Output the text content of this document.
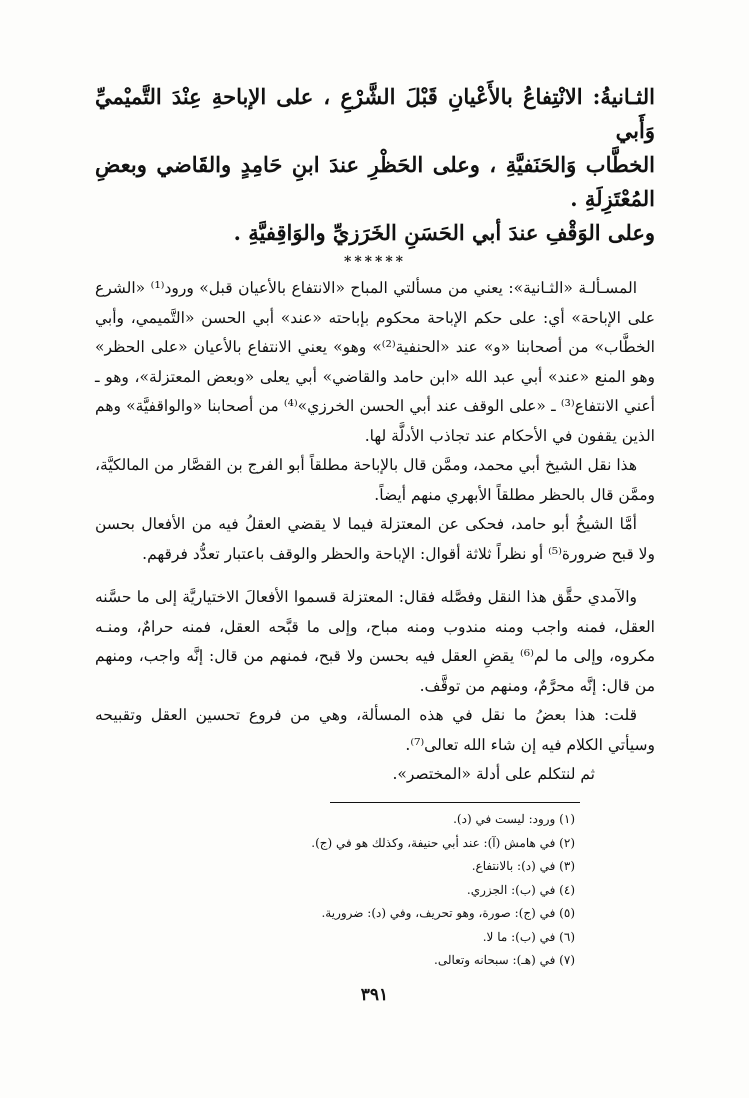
الثـانيةُ: الانْتِفاعُ بالأَعْيانِ قَبْلَ الشَّرْعِ ، على الإباحةِ عِنْدَ التَّميْميِّ وَأَبي

الخطَّاب وَالحَنَفيَّةِ ، وعلى الحَظْرِ عندَ ابنِ حَامِدٍ والقَاضي وبعضِ المُعْتَزِلَةِ .

وعلى الوَقْفِ عندَ أبي الحَسَنِ الخَرَزيِّ والوَاقِفيَّةِ .

******

المسـألـة «الثـانية»: يعني من مسألتي المباح «الانتفاع بالأعيان قبل» ورود⁽¹⁾ «الشرع على الإباحة» أي: على حكم الإباحة محكوم بإباحته «عند» أبي الحسن «التَّميمي، وأبي الخطَّاب» من أصحابنا «و» عند «الحنفية⁽²⁾» وهو» يعني الانتفاع بالأعيان «على الحظر» وهو المنع «عند» أبي عبد الله «ابن حامد والقاضي» أبي يعلى «وبعض المعتزلة»، وهو ـ أعني الانتفاع⁽³⁾ ـ «على الوقف عند أبي الحسن الخرزي»⁽⁴⁾ من أصحابنا «والواقفيَّة» وهم الذين يقفون في الأحكام عند تجاذب الأدلَّة لها.

هذا نقل الشيخ أبي محمد، وممَّن قال بالإباحة مطلقاً أبو الفرج بن القصَّار من المالكيَّة، وممَّن قال بالحظر مطلقاً الأبهري منهم أيضاً.

أمَّا الشيخُ أبو حامد، فحكى عن المعتزلة فيما لا يقضي العقلُ فيه من الأفعال بحسن ولا قبح ضرورة⁽⁵⁾ أو نظراً ثلاثة أقوال: الإباحة والحظر والوقف باعتبار تعدُّد فرقهم.

والآمدي حقَّق هذا النقل وفصَّله فقال: المعتزلة قسموا الأفعالَ الاختياريَّة إلى ما حسَّنه العقل، فمنه واجب ومنه مندوب ومنه مباح، وإلى ما قبَّحه العقل، فمنه حرامٌ، ومنـه مكروه، وإلى ما لم⁽⁶⁾ يقضِ العقل فيه بحسن ولا قبح، فمنهم من قال: إنَّه واجب، ومنهم من قال: إنَّه محرَّمٌ، ومنهم من توقَّف.

قلت: هذا بعضُ ما نقل في هذه المسألة، وهي من فروع تحسين العقل وتقبيحه وسيأتي الكلام فيه إن شاء الله تعالى⁽⁷⁾.

ثم لنتكلم على أدلة «المختصر».

(١) ورود: ليست في (د).
(٢) في هامش (آ): عند أبي حنيفة، وكذلك هو في (ج).
(٣) في (د): بالانتفاع.
(٤) في (ب): الجزري.
(٥) في (ج): صورة، وهو تحريف، وفي (د): ضرورية.
(٦) في (ب): ما لا.
(٧) في (هـ): سبحانه وتعالى.
٣٩١
